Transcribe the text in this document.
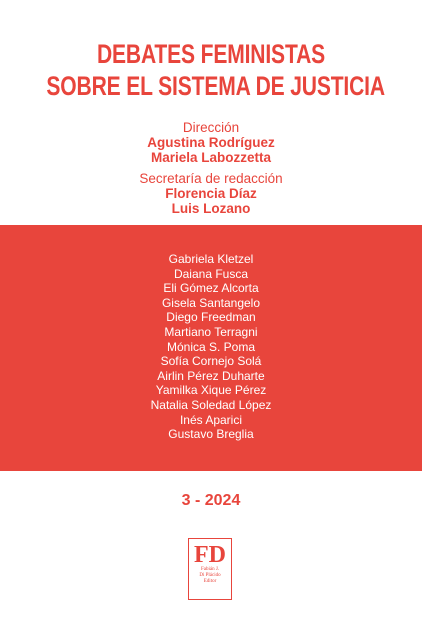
DEBATES FEMINISTAS
SOBRE EL SISTEMA DE JUSTICIA
Dirección
Agustina Rodríguez
Mariela Labozzetta
Secretaría de redacción
Florencia Díaz
Luis Lozano
Gabriela Kletzel
Daiana Fusca
Eli Gómez Alcorta
Gisela Santangelo
Diego Freedman
Martiano Terragni
Mónica S. Poma
Sofía Cornejo Solá
Airlin Pérez Duharte
Yamilka Xique Pérez
Natalia Soledad López
Inés Aparici
Gustavo Breglia
3 - 2024
FD
Fabián J.
Di Plácido
Editor
